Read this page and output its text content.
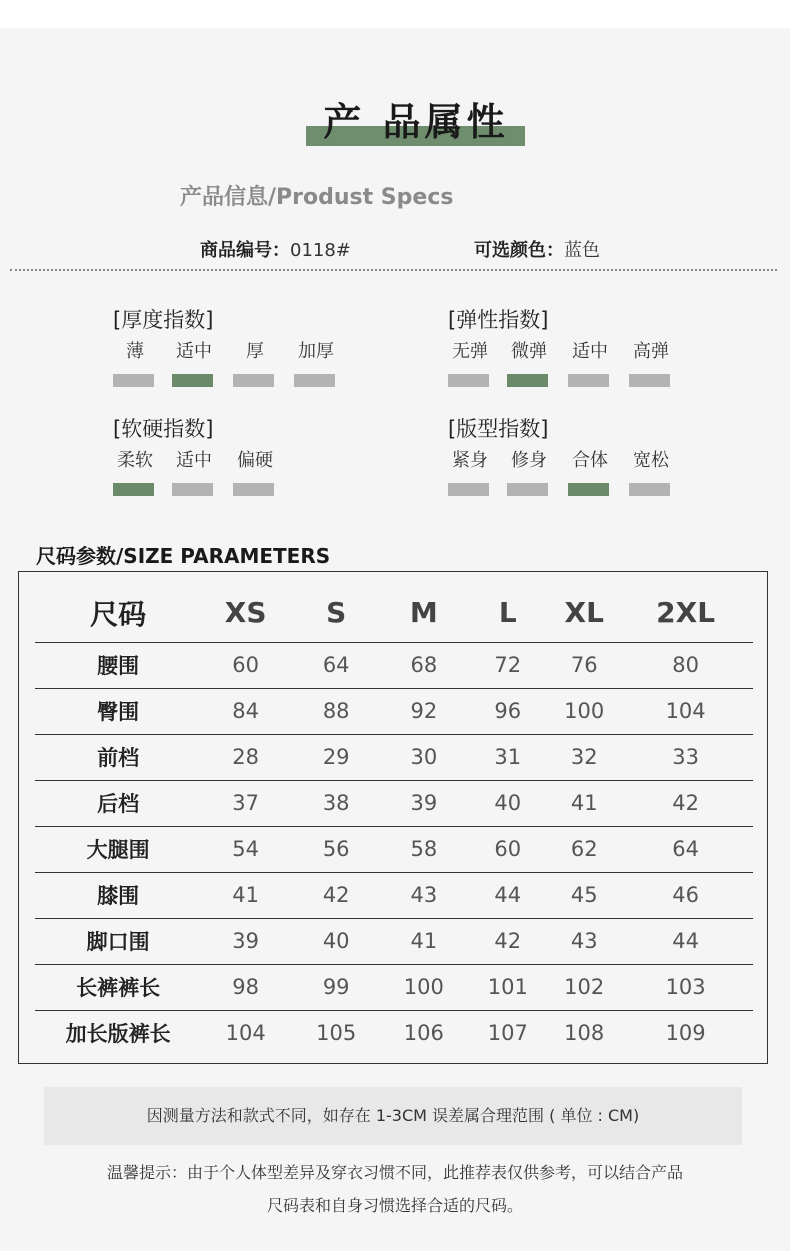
产 品属性
产品信息/Produst Specs
商品编号：0118#	可选颜色：蓝色
[厚度指数]
薄	适中	厚	加厚
[弹性指数]
无弹 微弹 适中 高弹
[软硬指数]
柔软 适中 偏硬
[版型指数]
紧身 修身 合体 宽松
尺码参数/SIZE PARAMETERS
尺码	XS	S	M	L	XL	2XL
腰围	60	64	68	72	76	80
臀围	84	88	92	96	100	104
前档	28	29	30	31	32	33
后档	37	38	39	40	41	42
大腿围	54	56	58	60	62	64
膝围	41	42	43	44	45	46
脚口围	39	40	41	42	43	44
长裤裤长	98	99	100	101	102	103
加长版裤长	104	105	106	107	108	109
因测量方法和款式不同，如存在 1-3CM 误差属合理范围 ( 单位 : CM)
温馨提示：由于个人体型差异及穿衣习惯不同，此推荐表仅供参考，可以结合产品
尺码表和自身习惯选择合适的尺码。
